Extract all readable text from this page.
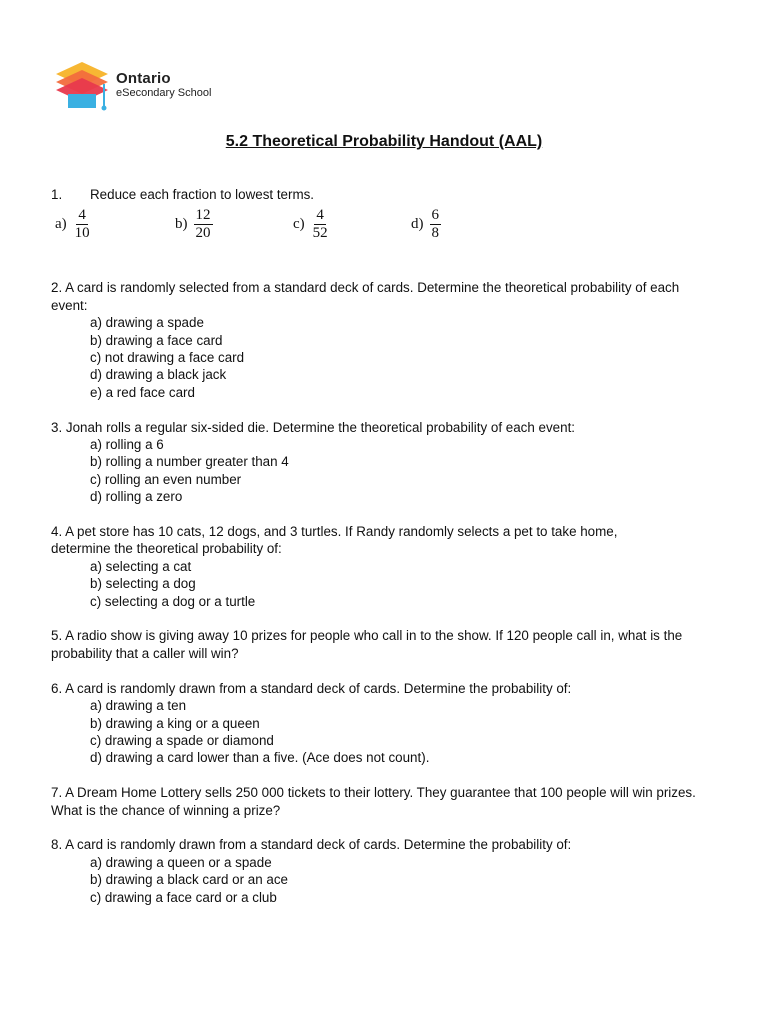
Ontario
eSecondary School
5.2 Theoretical Probability Handout (AAL)

1. Reduce each fraction to lowest terms.

$a) \frac{4}{10}$	$b) \frac{12}{20}$	$c) \frac{4}{52}$	$d) \frac{6}{8}$

2. A card is randomly selected from a standard deck of cards. Determine the theoretical probability of each

event:

a) drawing a spade

b) drawing a face card

c) not drawing a face card

d) drawing a black jack

e) a red face card

3. Jonah rolls a regular six-sided die. Determine the theoretical probability of each event:

a) rolling a 6

b) rolling a number greater than 4

c) rolling an even number

d) rolling a zero

4. A pet store has 10 cats, 12 dogs, and 3 turtles. If Randy randomly selects a pet to take home,

determine the theoretical probability of:

a) selecting a cat

b) selecting a dog

c) selecting a dog or a turtle

5. A radio show is giving away 10 prizes for people who call in to the show. If 120 people call in, what is the

probability that a caller will win?

6. A card is randomly drawn from a standard deck of cards. Determine the probability of:

a) drawing a ten

b) drawing a king or a queen

c) drawing a spade or diamond

d) drawing a card lower than a five. (Ace does not count).

7. A Dream Home Lottery sells 250 000 tickets to their lottery. They guarantee that 100 people will win prizes.

What is the chance of winning a prize?

8. A card is randomly drawn from a standard deck of cards. Determine the probability of:

a) drawing a queen or a spade

b) drawing a black card or an ace

c) drawing a face card or a club
